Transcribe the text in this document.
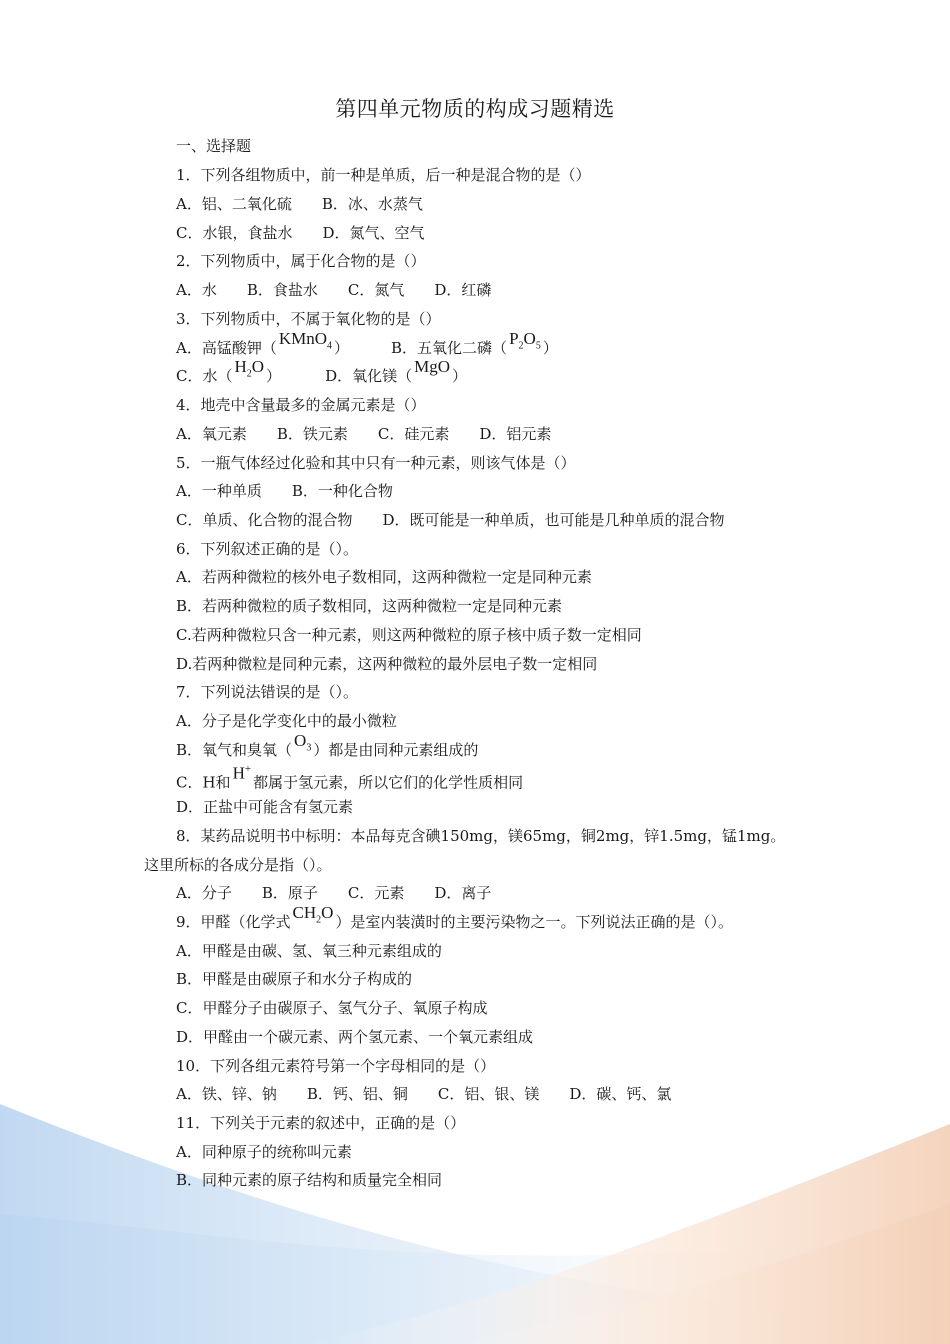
第四单元物质的构成习题精选
一、选择题
1．下列各组物质中，前一种是单质，后一种是混合物的是（）
A．铝、二氧化硫　　B．冰、水蒸气
C．水银，食盐水　　D．氮气、空气
2．下列物质中，属于化合物的是（）
A．水　　B．食盐水　　C．氮气　　D．红磷
3．下列物质中，不属于氧化物的是（）
A．高锰酸钾（ KMnO$_4$ ）	B．五氧化二磷（ $P_2O_5$ ）
C．水（ $H_2O$ ）	D．氧化镁（ MgO ）
4．地壳中含量最多的金属元素是（）
A．氧元素　　B．铁元素　　C．硅元素　　D．铝元素
5．一瓶气体经过化验和其中只有一种元素，则该气体是（）
A．一种单质　　B．一种化合物
C．单质、化合物的混合物　　D．既可能是一种单质，也可能是几种单质的混合物
6．下列叙述正确的是（）。
A．若两种微粒的核外电子数相同，这两种微粒一定是同种元素
B．若两种微粒的质子数相同，这两种微粒一定是同种元素
C.若两种微粒只含一种元素，则这两种微粒的原子核中质子数一定相同
D.若两种微粒是同种元素，这两种微粒的最外层电子数一定相同
7．下列说法错误的是（）。
A．分子是化学变化中的最小微粒
B．氧气和臭氧（ $O_3$ ）都是由同种元素组成的
C．H和 H+都属于氢元素，所以它们的化学性质相同
D．正盐中可能含有氢元素
8．某药品说明书中标明：本品每克含碘150mg，镁65mg，铜2mg，锌1.5mg，锰1mg。
这里所标的各成分是指（）。
A．分子　　B．原子　　C．元素　　D．离子
9．甲醛（化学式 $CH_2O$ ）是室内装潢时的主要污染物之一。下列说法正确的是（）。
A．甲醛是由碳、氢、氧三种元素组成的
B．甲醛是由碳原子和水分子构成的
C．甲醛分子由碳原子、氢气分子、氧原子构成
D．甲醛由一个碳元素、两个氢元素、一个氧元素组成
10．下列各组元素符号第一个字母相同的是（）
A．铁、锌、钠　　B．钙、铝、铜　　C．铝、银、镁　　D．碳、钙、氯
11．下列关于元素的叙述中，正确的是（）
A．同种原子的统称叫元素
B．同种元素的原子结构和质量完全相同
